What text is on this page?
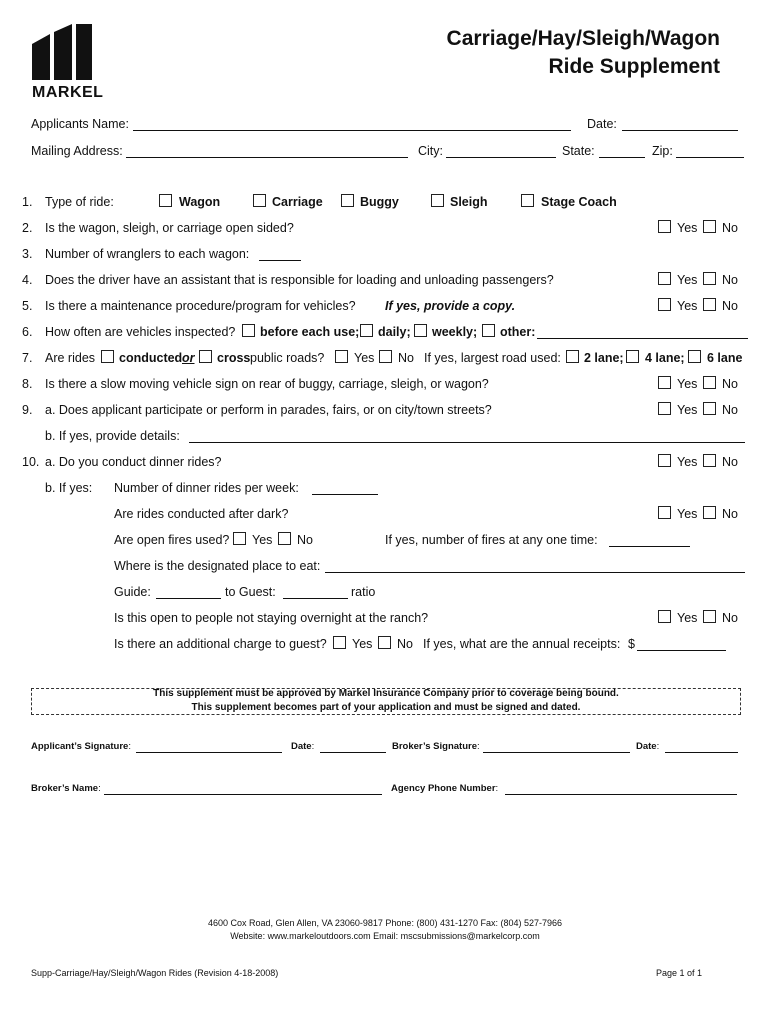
MARKEL
Carriage/Hay/Sleigh/Wagon
Ride Supplement
Applicants Name:	Date:
Mailing Address:	City:	State:	Zip:
1. Type of ride:	Wagon	Carriage	Buggy	Sleigh	Stage Coach
2. Is the wagon, sleigh, or carriage open sided?	Yes No
3. Number of wranglers to each wagon:
4. Does the driver have an assistant that is responsible for loading and unloading passengers?	Yes No
5. Is there a maintenance procedure/program for vehicles? If yes, provide a copy.	Yes No
6. How often are vehicles inspected? before each use; daily; weekly; other:
7. Are rides conducted or cross public roads? Yes No If yes, largest road used: 2 lane; 4 lane; 6 lane
8. Is there a slow moving vehicle sign on rear of buggy, carriage, sleigh, or wagon?	Yes No
9. a. Does applicant participate or perform in parades, fairs, or on city/town streets?	Yes No
b. If yes, provide details:
10. a. Do you conduct dinner rides?	Yes No
b. If yes: Number of dinner rides per week:
Are rides conducted after dark?	Yes No
Are open fires used? Yes No	If yes, number of fires at any one time:
Where is the designated place to eat:
Guide:	to Guest:	ratio
Is this open to people not staying overnight at the ranch?	Yes No
Is there an additional charge to guest? Yes No If yes, what are the annual receipts: $
This supplement must be approved by Markel Insurance Company prior to coverage being bound.
This supplement becomes part of your application and must be signed and dated.
Applicant’s Signature:	Date:	Broker’s Signature:	Date:
Broker’s Name:	Agency Phone Number:
4600 Cox Road, Glen Allen, VA 23060-9817 Phone: (800) 431-1270 Fax: (804) 527-7966
Website: www.markeloutdoors.com Email: mscsubmissions@markelcorp.com
Supp-Carriage/Hay/Sleigh/Wagon Rides (Revision 4-18-2008)	Page 1 of 1
